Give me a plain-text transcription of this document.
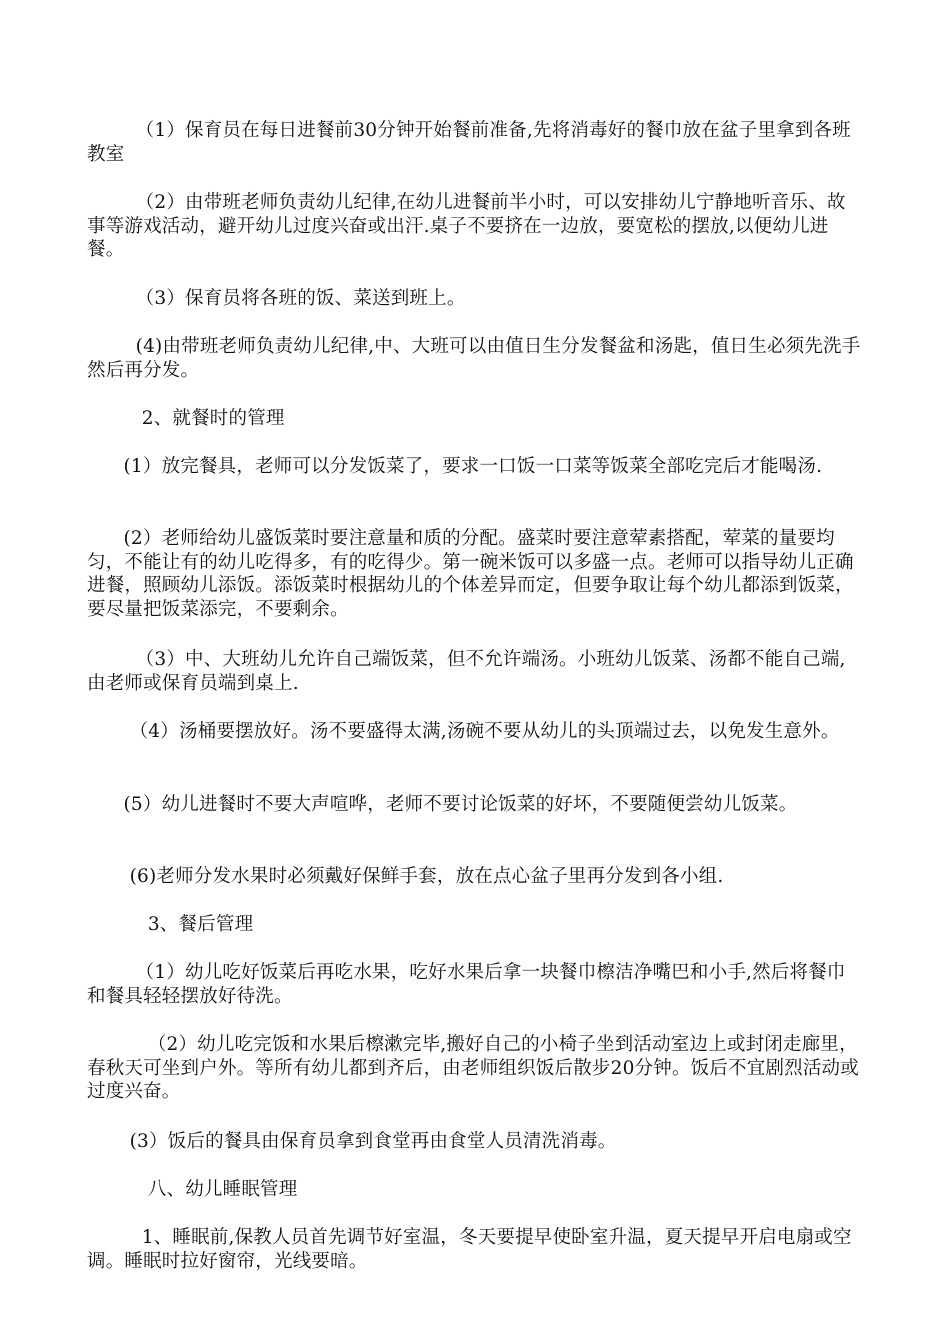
（1）保育员在每日进餐前30分钟开始餐前准备,先将消毒好的餐巾放在盆子里拿到各班教室

（2）由带班老师负责幼儿纪律,在幼儿进餐前半小时，可以安排幼儿宁静地听音乐、故事等游戏活动，避开幼儿过度兴奋或出汗.桌子不要挤在一边放，要宽松的摆放,以便幼儿进餐。

（3）保育员将各班的饭、菜送到班上。

(4)由带班老师负责幼儿纪律,中、大班可以由值日生分发餐盆和汤匙，值日生必须先洗手然后再分发。

2、就餐时的管理

(1）放完餐具，老师可以分发饭菜了，要求一口饭一口菜等饭菜全部吃完后才能喝汤.

(2）老师给幼儿盛饭菜时要注意量和质的分配。盛菜时要注意荤素搭配，荤菜的量要均匀，不能让有的幼儿吃得多，有的吃得少。第一碗米饭可以多盛一点。老师可以指导幼儿正确进餐，照顾幼儿添饭。添饭菜时根据幼儿的个体差异而定，但要争取让每个幼儿都添到饭菜，要尽量把饭菜添完，不要剩余。

（3）中、大班幼儿允许自己端饭菜，但不允许端汤。小班幼儿饭菜、汤都不能自己端,由老师或保育员端到桌上.

（4）汤桶要摆放好。汤不要盛得太满,汤碗不要从幼儿的头顶端过去，以免发生意外。

(5）幼儿进餐时不要大声喧哗，老师不要讨论饭菜的好坏，不要随便尝幼儿饭菜。

(6)老师分发水果时必须戴好保鲜手套，放在点心盆子里再分发到各小组.

3、餐后管理

（1）幼儿吃好饭菜后再吃水果，吃好水果后拿一块餐巾檫洁净嘴巴和小手,然后将餐巾和餐具轻轻摆放好待洗。

（2）幼儿吃完饭和水果后檫漱完毕,搬好自己的小椅子坐到活动室边上或封闭走廊里，春秋天可坐到户外。等所有幼儿都到齐后，由老师组织饭后散步20分钟。饭后不宜剧烈活动或过度兴奋。

(3）饭后的餐具由保育员拿到食堂再由食堂人员清洗消毒。

八、幼儿睡眠管理

1、睡眠前,保教人员首先调节好室温，冬天要提早使卧室升温，夏天提早开启电扇或空调。睡眠时拉好窗帘，光线要暗。
